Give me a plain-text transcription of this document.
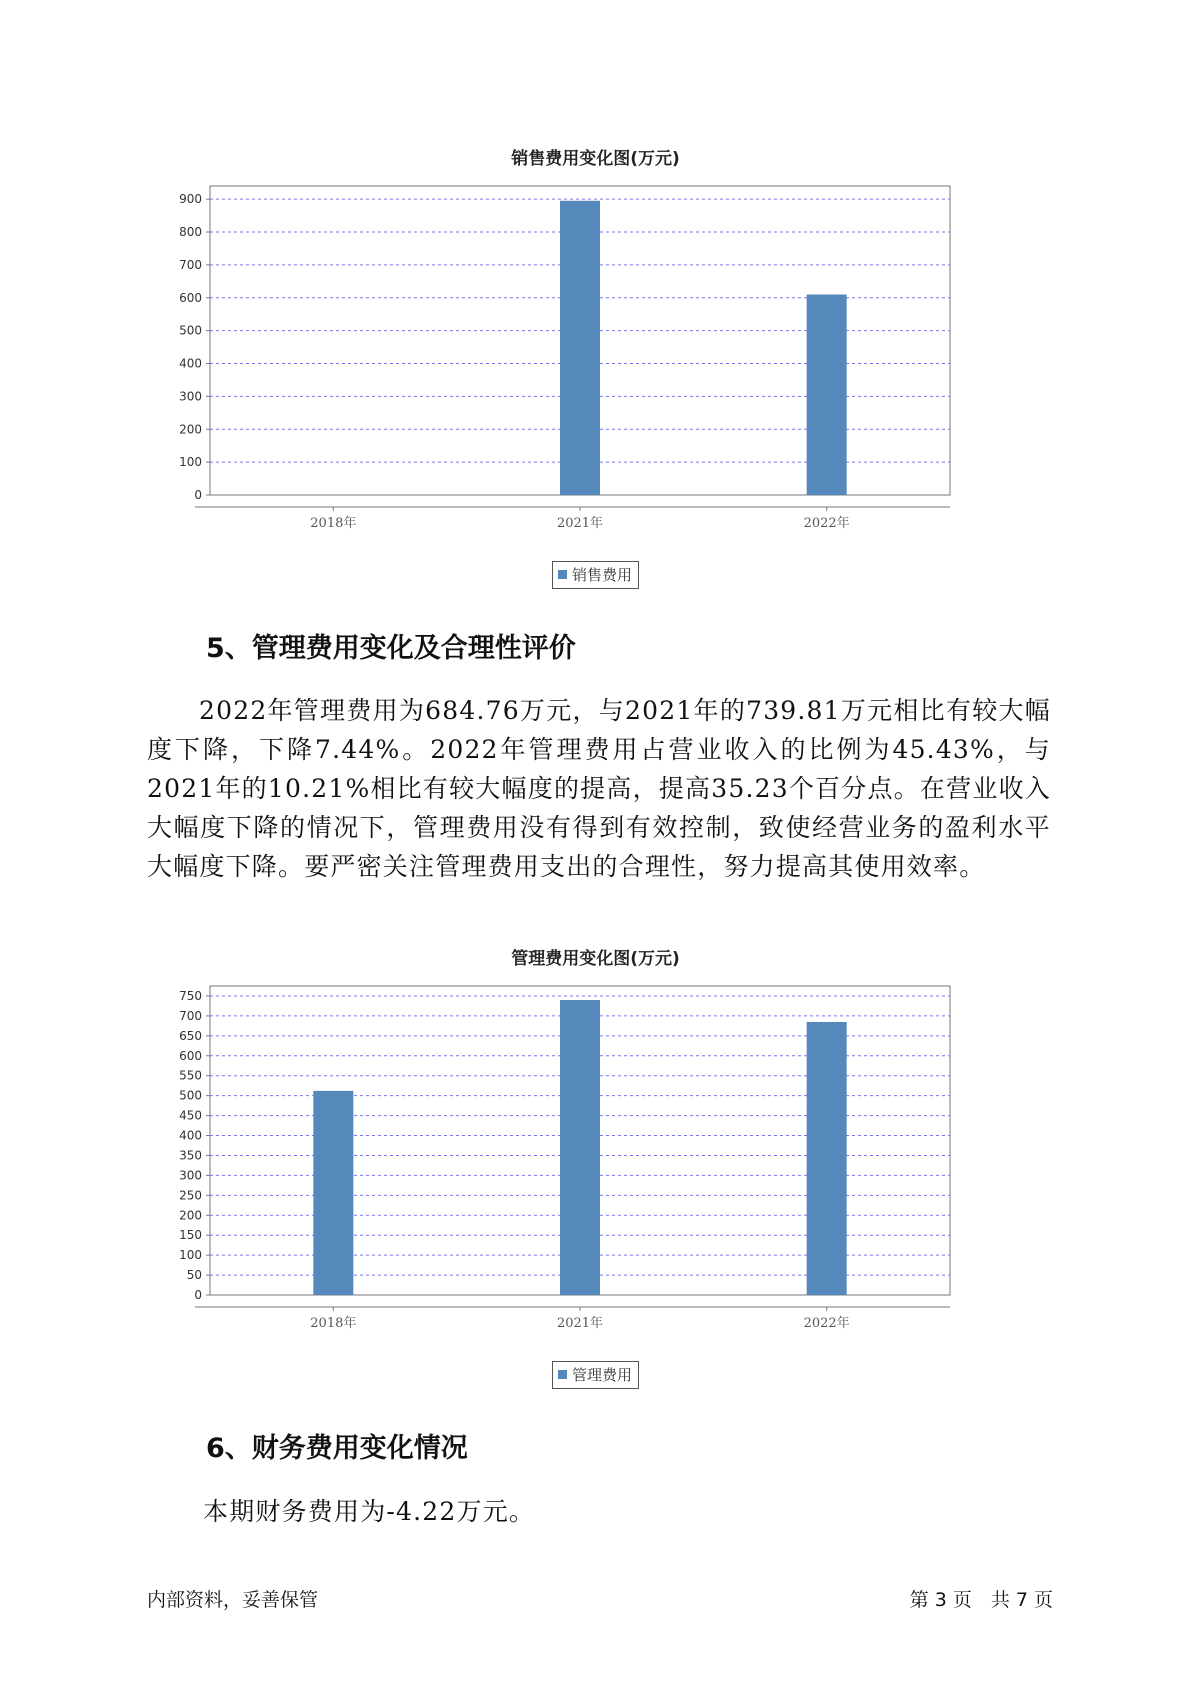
销售费用变化图(万元)
0
100
200
300
400
500
600
700
800
900
2018年	2021年	2022年
销售费用
5、管理费用变化及合理性评价

2022年管理费用为684.76万元，与2021年的739.81万元相比有较大幅度下降，下降7.44%。2022年管理费用占营业收入的比例为45.43%，与2021年的10.21%相比有较大幅度的提高，提高35.23个百分点。在营业收入大幅度下降的情况下，管理费用没有得到有效控制，致使经营业务的盈利水平大幅度下降。要严密关注管理费用支出的合理性，努力提高其使用效率。

管理费用变化图(万元)
0
50
100
150
200
250
300
350
400
450
500
550
600
650
700
750
2018年	2021年	2022年
管理费用
6、财务费用变化情况

本期财务费用为-4.22万元。

内部资料，妥善保管	第 3 页　共 7 页
